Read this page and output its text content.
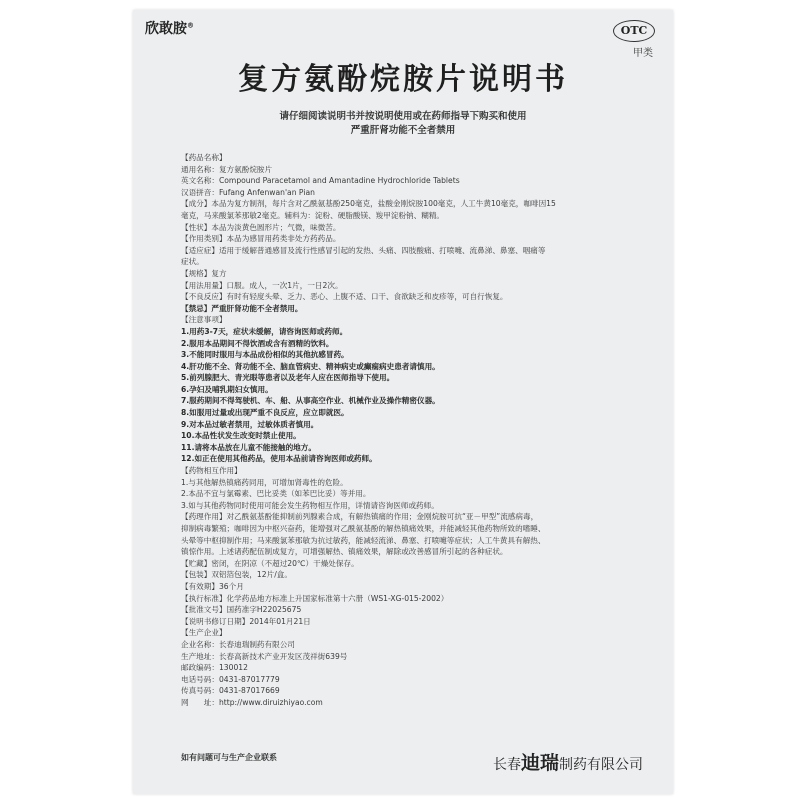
欣敢胺®	OTC
甲类
复方氨酚烷胺片说明书
请仔细阅读说明书并按说明使用或在药师指导下购买和使用
严重肝肾功能不全者禁用
【药品名称】
通用名称：复方氨酚烷胺片
英文名称：Compound Paracetamol and Amantadine Hydrochloride Tablets
汉语拼音：Fufang Anfenwan'an Pian
【成分】本品为复方制剂，每片含对乙酰氨基酚250毫克，盐酸金刚烷胺100毫克，人工牛黄10毫克，咖啡因15
毫克，马来酸氯苯那敏2毫克。辅料为：淀粉、硬脂酸镁、羧甲淀粉钠、糊精。
【性状】本品为淡黄色圆形片；气微，味微苦。
【作用类别】本品为感冒用药类非处方药药品。
【适应症】适用于缓解普通感冒及流行性感冒引起的发热、头痛、四肢酸痛、打喷嚏、流鼻涕、鼻塞、咽痛等
症状。
【规格】复方
【用法用量】口服。成人，一次1片，一日2次。
【不良反应】有时有轻度头晕、乏力、恶心、上腹不适、口干、食欲缺乏和皮疹等，可自行恢复。
【禁忌】严重肝肾功能不全者禁用。
【注意事项】
1.用药3-7天，症状未缓解，请咨询医师或药师。
2.服用本品期间不得饮酒或含有酒精的饮料。
3.不能同时服用与本品成份相似的其他抗感冒药。
4.肝功能不全、肾功能不全、脑血管病史、精神病史或癫痫病史患者请慎用。
5.前列腺肥大、青光眼等患者以及老年人应在医师指导下使用。
6.孕妇及哺乳期妇女慎用。
7.服药期间不得驾驶机、车、船、从事高空作业、机械作业及操作精密仪器。
8.如服用过量或出现严重不良反应，应立即就医。
9.对本品过敏者禁用，过敏体质者慎用。
10.本品性状发生改变时禁止使用。
11.请将本品放在儿童不能接触的地方。
12.如正在使用其他药品，使用本品前请咨询医师或药师。
【药物相互作用】
1.与其他解热镇痛药同用，可增加肾毒性的危险。
2.本品不宜与氯霉素、巴比妥类（如苯巴比妥）等并用。
3.如与其他药物同时使用可能会发生药物相互作用，详情请咨询医师或药师。
【药理作用】对乙酰氨基酚能抑制前列腺素合成，有解热镇痛的作用；金刚烷胺可抗“亚－甲型”流感病毒，
抑制病毒繁殖；咖啡因为中枢兴奋药，能增强对乙酰氨基酚的解热镇痛效果，并能减轻其他药物所致的嗜睡、
头晕等中枢抑制作用；马来酸氯苯那敏为抗过敏药，能减轻流涕、鼻塞、打喷嚏等症状；人工牛黄具有解热、
镇惊作用。上述诸药配伍制成复方，可增强解热、镇痛效果，解除或改善感冒所引起的各种症状。
【贮藏】密闭，在阴凉（不超过20℃）干燥处保存。
【包装】双铝箔包装，12片/盒。
【有效期】36个月
【执行标准】化学药品地方标准上升国家标准第十六册（WS1-XG-015-2002）
【批准文号】国药准字H22025675
【说明书修订日期】2014年01月21日
【生产企业】
企业名称：长春迪瑞制药有限公司
生产地址：长春高新技术产业开发区茂祥街639号
邮政编码：130012
电话号码：0431-87017779
传真号码：0431-87017669
网　　址：http://www.diruizhiyao.com
如有问题可与生产企业联系	长春迪瑞制药有限公司
